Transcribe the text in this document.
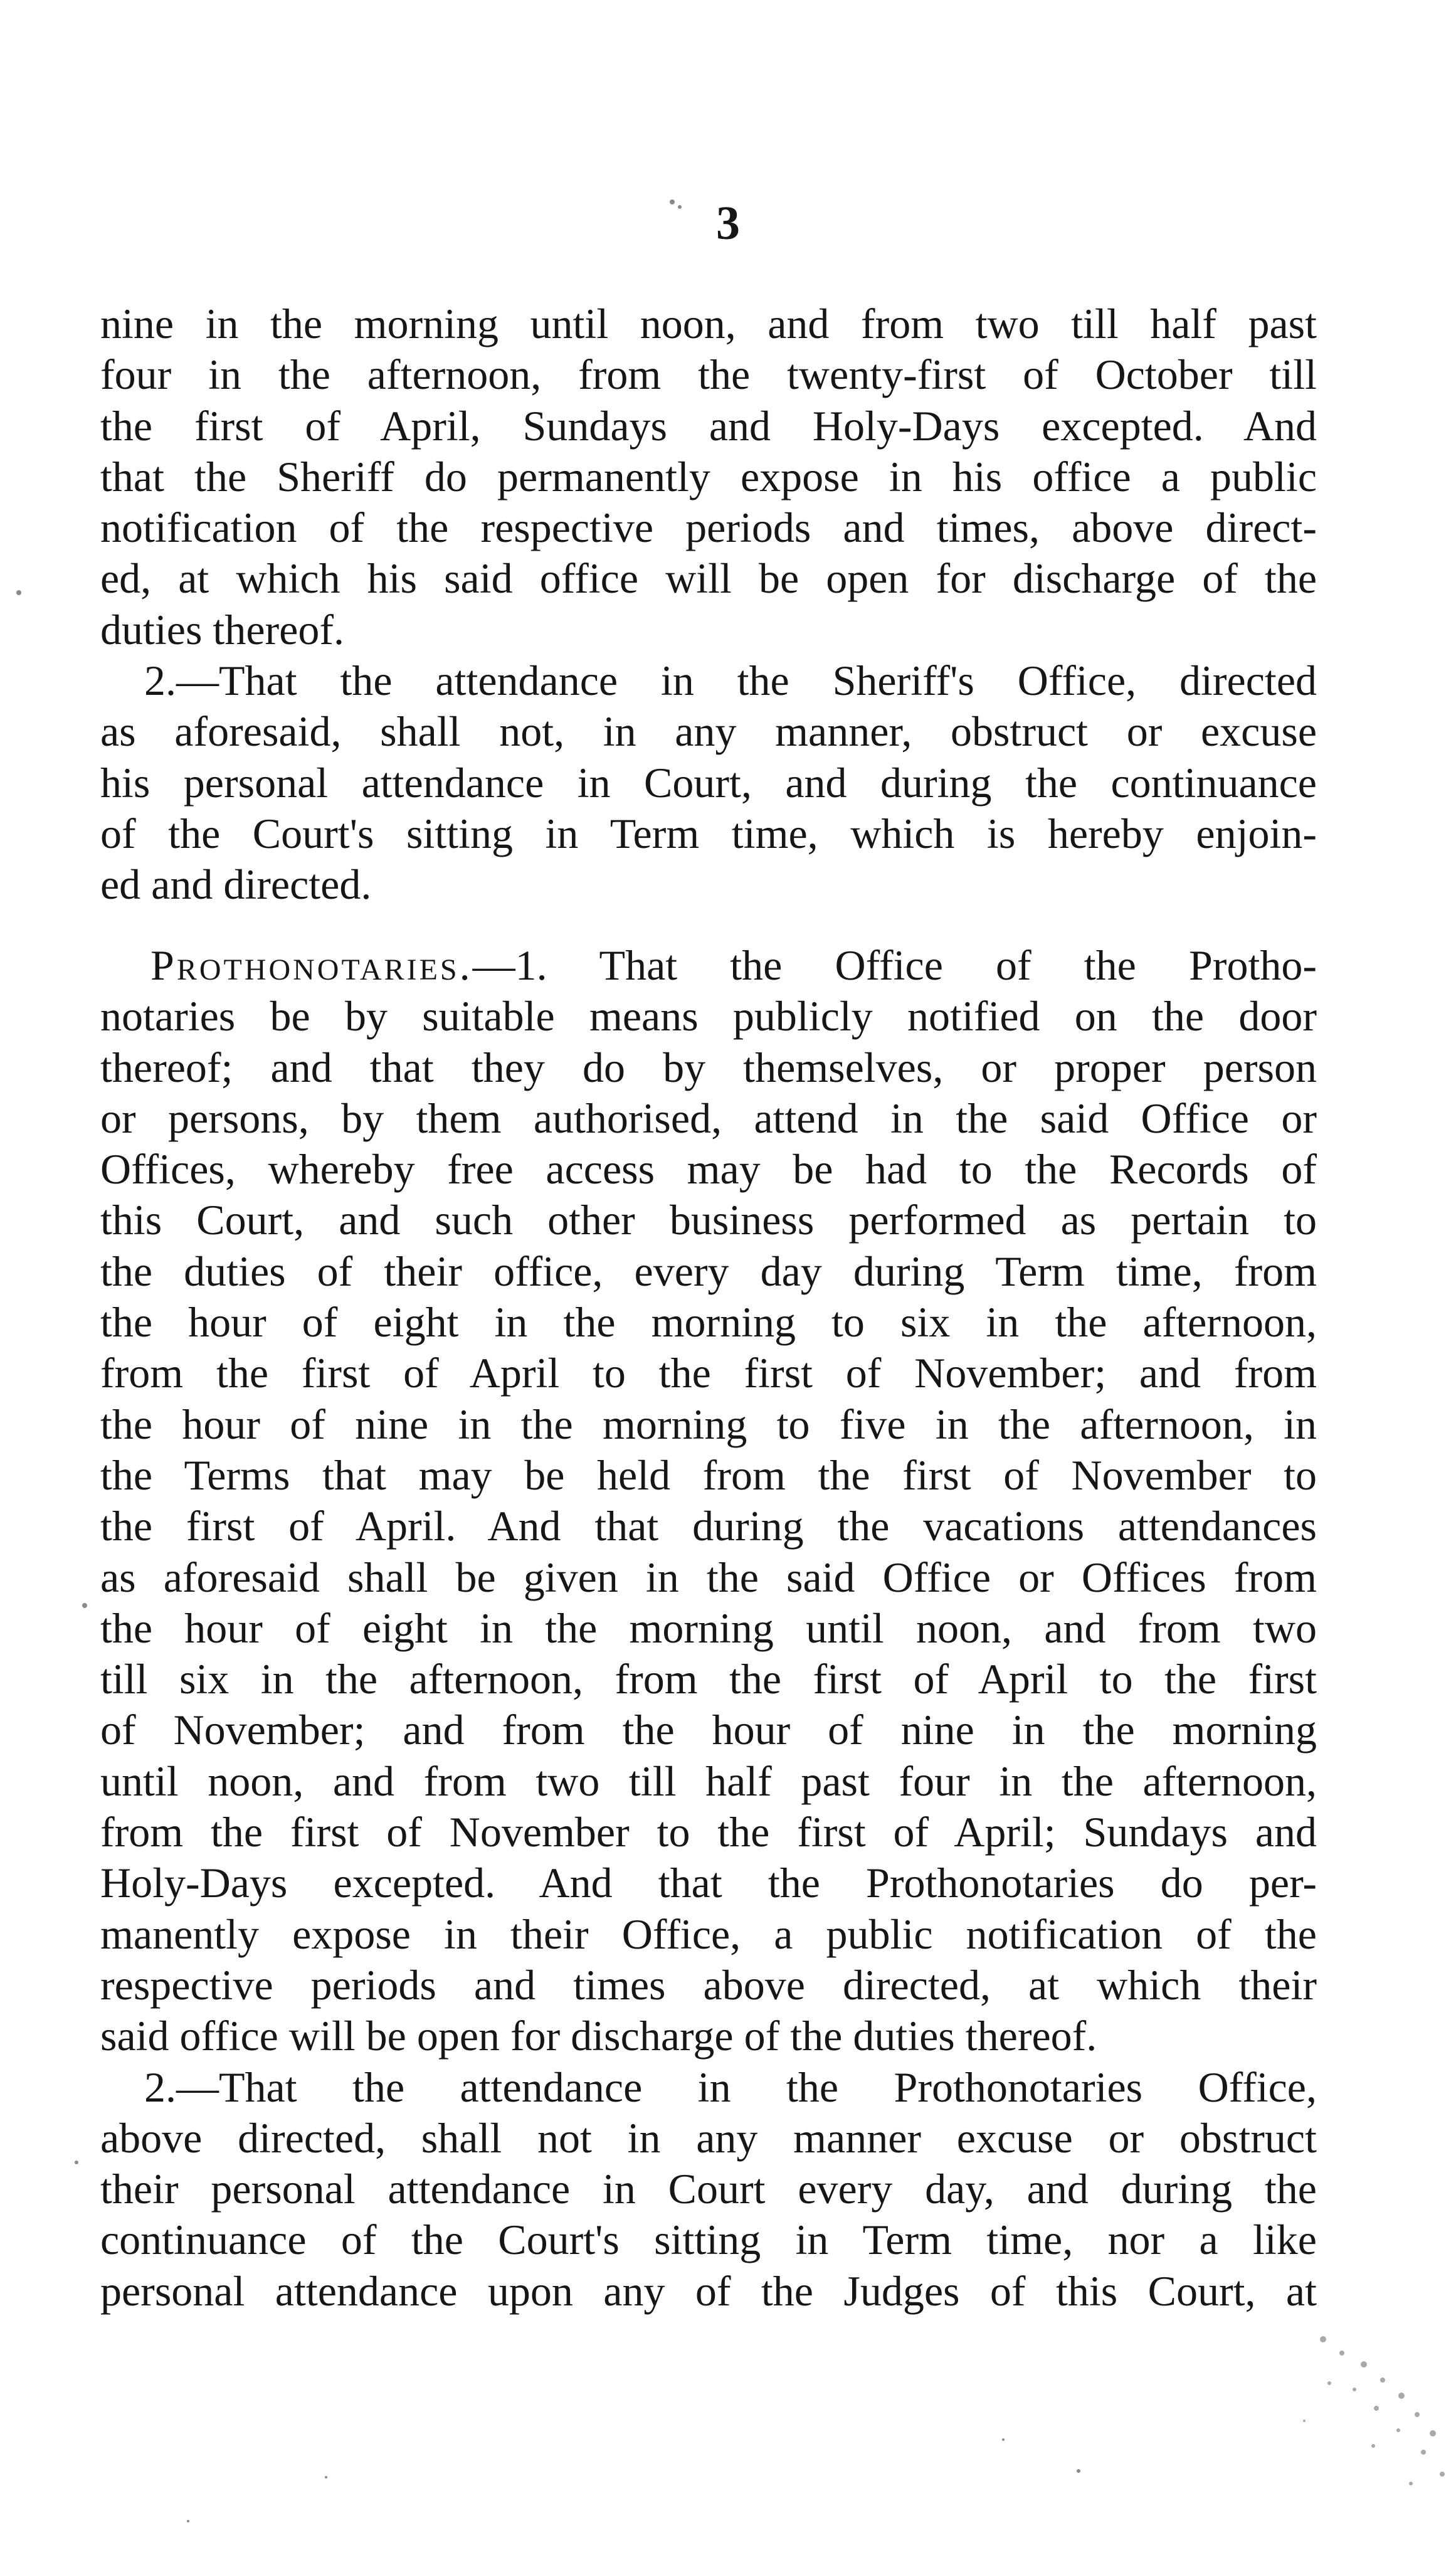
3
nine in the morning until noon, and from two till half past
four in the afternoon, from the twenty-first of October till
the first of April, Sundays and Holy-Days excepted. And
that the Sheriff do permanently expose in his office a public
notification of the respective periods and times, above direct-
ed, at which his said office will be open for discharge of the
duties thereof.
2.—That the attendance in the Sheriff's Office, directed
as aforesaid, shall not, in any manner, obstruct or excuse
his personal attendance in Court, and during the continuance
of the Court's sitting in Term time, which is hereby enjoin-
ed and directed.
Prothonotaries.—1. That the Office of the Protho-
notaries be by suitable means publicly notified on the door
thereof; and that they do by themselves, or proper person
or persons, by them authorised, attend in the said Office or
Offices, whereby free access may be had to the Records of
this Court, and such other business performed as pertain to
the duties of their office, every day during Term time, from
the hour of eight in the morning to six in the afternoon,
from the first of April to the first of November; and from
the hour of nine in the morning to five in the afternoon, in
the Terms that may be held from the first of November to
the first of April. And that during the vacations attendances
as aforesaid shall be given in the said Office or Offices from
the hour of eight in the morning until noon, and from two
till six in the afternoon, from the first of April to the first
of November; and from the hour of nine in the morning
until noon, and from two till half past four in the afternoon,
from the first of November to the first of April; Sundays and
Holy-Days excepted. And that the Prothonotaries do per-
manently expose in their Office, a public notification of the
respective periods and times above directed, at which their
said office will be open for discharge of the duties thereof.
2.—That the attendance in the Prothonotaries Office,
above directed, shall not in any manner excuse or obstruct
their personal attendance in Court every day, and during the
continuance of the Court's sitting in Term time, nor a like
personal attendance upon any of the Judges of this Court, at
